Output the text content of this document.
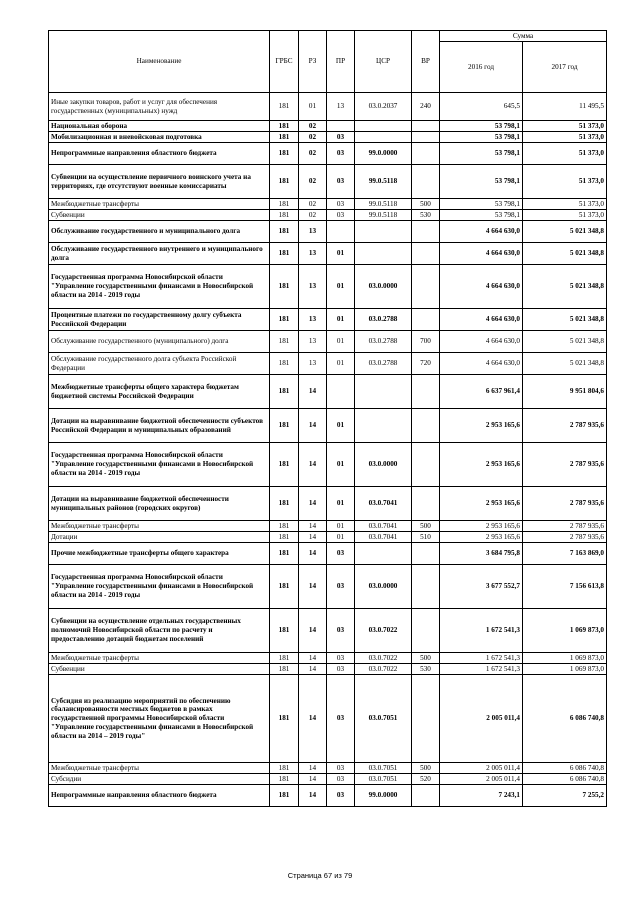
Наименование	ГРБС	РЗ	ПР	ЦСР	ВР	Сумма	
						2016 год	2017 год
Иные закупки товаров, работ и услуг для обеспечения государственных (муниципальных) нужд	181	01	13	03.0.2037	240	645,5	11 495,5
Национальная оборона	181	02				53 798,1	51 373,0
Мобилизационная и вневойсковая подготовка	181	02	03			53 798,1	51 373,0
Непрограммные направления областного бюджета	181	02	03	99.0.0000		53 798,1	51 373,0
Субвенции на осуществление первичного воинского учета на территориях, где отсутствуют военные комиссариаты	181	02	03	99.0.5118		53 798,1	51 373,0
Межбюджетные трансферты	181	02	03	99.0.5118	500	53 798,1	51 373,0
Субвенции	181	02	03	99.0.5118	530	53 798,1	51 373,0
Обслуживание государственного и муниципального долга	181	13				4 664 630,0	5 021 348,8
Обслуживание государственного внутреннего и муниципального долга	181	13	01			4 664 630,0	5 021 348,8
Государственная программа Новосибирской области "Управление государственными финансами в Новосибирской области на 2014 - 2019 годы	181	13	01	03.0.0000		4 664 630,0	5 021 348,8
Процентные платежи по государственному долгу субъекта Российской Федерации	181	13	01	03.0.2788		4 664 630,0	5 021 348,8
Обслуживание государственного (муниципального) долга	181	13	01	03.0.2788	700	4 664 630,0	5 021 348,8
Обслуживание государственного долга субъекта Российской Федерации	181	13	01	03.0.2788	720	4 664 630,0	5 021 348,8
Межбюджетные трансферты общего характера бюджетам бюджетной системы Российской Федерации	181	14				6 637 961,4	9 951 804,6
Дотации на выравнивание бюджетной обеспеченности субъектов Российской Федерации и муниципальных образований	181	14	01			2 953 165,6	2 787 935,6
Государственная программа Новосибирской области "Управление государственными финансами в Новосибирской области на 2014 - 2019 годы	181	14	01	03.0.0000		2 953 165,6	2 787 935,6
Дотации на выравнивание бюджетной обеспеченности муниципальных районов (городских округов)	181	14	01	03.0.7041		2 953 165,6	2 787 935,6
Межбюджетные трансферты	181	14	01	03.0.7041	500	2 953 165,6	2 787 935,6
Дотации	181	14	01	03.0.7041	510	2 953 165,6	2 787 935,6
Прочие межбюджетные трансферты общего характера	181	14	03			3 684 795,8	7 163 869,0
Государственная программа Новосибирской области "Управление государственными финансами в Новосибирской области на 2014 - 2019 годы	181	14	03	03.0.0000		3 677 552,7	7 156 613,8
Субвенции на осуществление отдельных государственных полномочий Новосибирской области по расчету и предоставлению дотаций бюджетам поселений	181	14	03	03.0.7022		1 672 541,3	1 069 873,0
Межбюджетные трансферты	181	14	03	03.0.7022	500	1 672 541,3	1 069 873,0
Субвенции	181	14	03	03.0.7022	530	1 672 541,3	1 069 873,0
Субсидия из реализацию мероприятий по обеспечению сбалансированности местных бюджетов в рамках государственной программы Новосибирской области "Управление государственными финансами в Новосибирской области на 2014 – 2019 годы"	181	14	03	03.0.7051		2 005 011,4	6 086 740,8
Межбюджетные трансферты	181	14	03	03.0.7051	500	2 005 011,4	6 086 740,8
Субсидии	181	14	03	03.0.7051	520	2 005 011,4	6 086 740,8
Непрограммные направления областного бюджета	181	14	03	99.0.0000		7 243,1	7 255,2
Страница 67 из 79
